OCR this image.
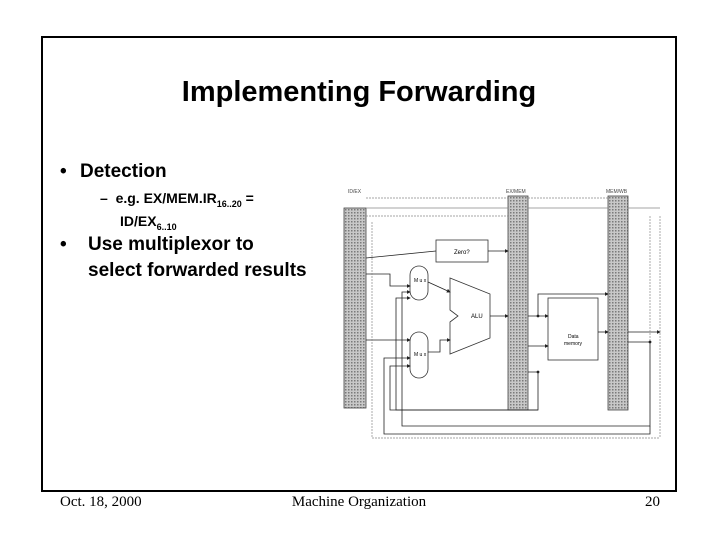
Implementing Forwarding
• Detection
–  e.g. $EX/MEM.IR_{16..20}$ =
$ID/EX_{6..10}$
• Use multiplexor to
select forwarded results
ID/EX	EX/MEM	MEM/WB
Zero?
M u x
M u x
ALU
Data
memory
Oct. 18, 2000	Machine Organization	20
